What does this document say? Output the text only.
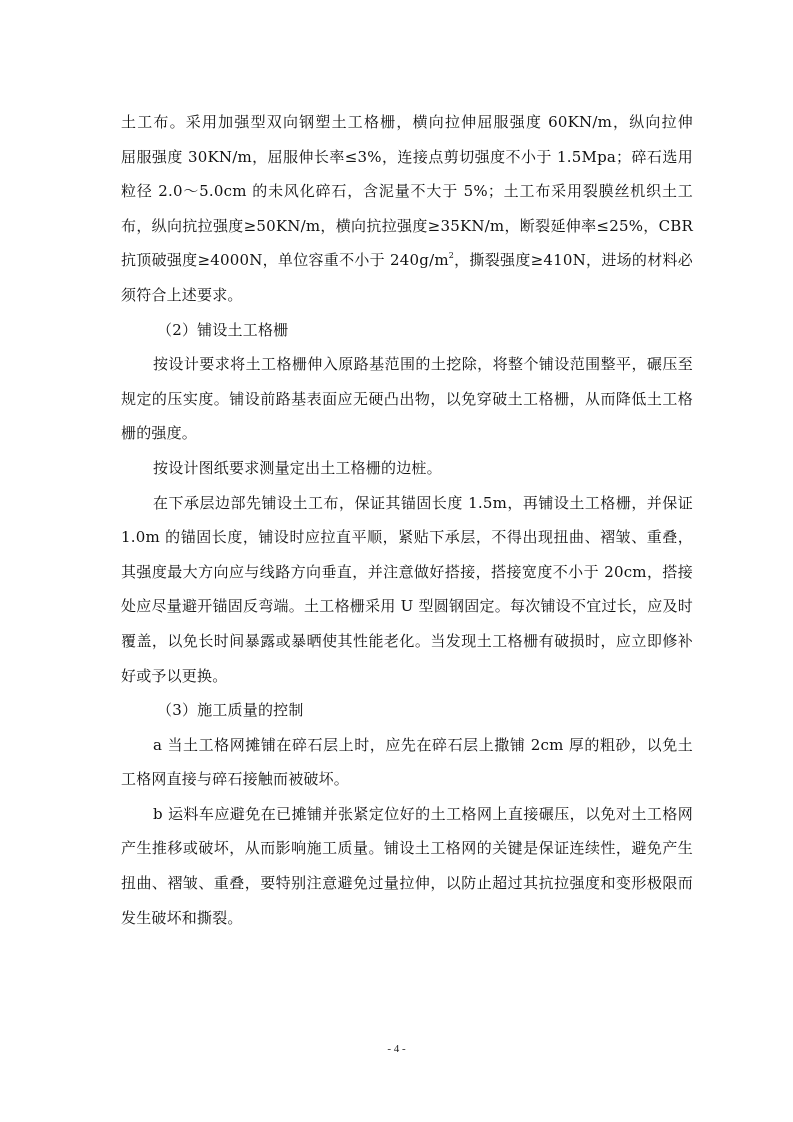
土工布。采用加强型双向钢塑土工格栅，横向拉伸屈服强度 60KN/m，纵向拉伸
屈服强度 30KN/m，屈服伸长率≤3%，连接点剪切强度不小于 1.5Mpa；碎石选用
粒径 2.0～5.0cm 的未风化碎石，含泥量不大于 5%；土工布采用裂膜丝机织土工
布，纵向抗拉强度≥50KN/m，横向抗拉强度≥35KN/m，断裂延伸率≤25%，CBR
抗顶破强度≥4000N，单位容重不小于 $240g/m^2$，撕裂强度≥410N，进场的材料必
须符合上述要求。

（2）铺设土工格栅

按设计要求将土工格栅伸入原路基范围的土挖除，将整个铺设范围整平，碾压至规定的压实度。铺设前路基表面应无硬凸出物，以免穿破土工格栅，从而降低土工格栅的强度。

按设计图纸要求测量定出土工格栅的边桩。

在下承层边部先铺设土工布，保证其锚固长度 1.5m，再铺设土工格栅，并保证 1.0m 的锚固长度，铺设时应拉直平顺，紧贴下承层，不得出现扭曲、褶皱、重叠，其强度最大方向应与线路方向垂直，并注意做好搭接，搭接宽度不小于 20cm，搭接处应尽量避开锚固反弯端。土工格栅采用 U 型圆钢固定。每次铺设不宜过长，应及时覆盖，以免长时间暴露或暴晒使其性能老化。当发现土工格栅有破损时，应立即修补好或予以更换。

（3）施工质量的控制

a 当土工格网摊铺在碎石层上时，应先在碎石层上撒铺 2cm 厚的粗砂，以免土工格网直接与碎石接触而被破坏。

b 运料车应避免在已摊铺并张紧定位好的土工格网上直接碾压，以免对土工格网产生推移或破坏，从而影响施工质量。铺设土工格网的关键是保证连续性，避免产生扭曲、褶皱、重叠，要特别注意避免过量拉伸，以防止超过其抗拉强度和变形极限而发生破坏和撕裂。

- 4 -
